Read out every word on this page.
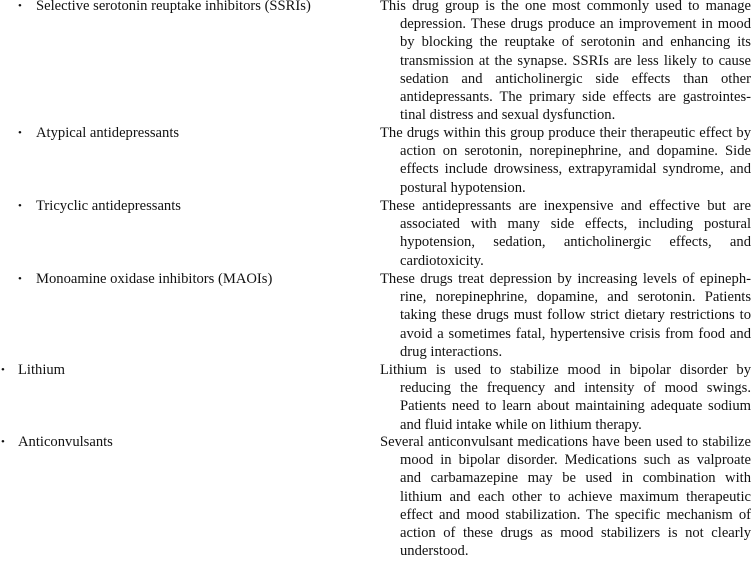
• Selective serotonin reuptake inhibitors (SSRIs)	This drug group is the one most commonly used to manage depression. These drugs produce an improvement in mood by blocking the reuptake of serotonin and enhancing its transmission at the synapse. SSRIs are less likely to cause sedation and anticholinergic side effects than other antidepressants. The primary side effects are gastrointestinal distress and sexual dysfunction.
• Atypical antidepressants	The drugs within this group produce their therapeutic effect by action on serotonin, norepinephrine, and dopamine. Side effects include drowsiness, extrapyramidal syndrome, and postural hypotension.
• Tricyclic antidepressants	These antidepressants are inexpensive and effective but are associated with many side effects, including postural hypotension, sedation, anticholinergic effects, and cardiotoxicity.
• Monoamine oxidase inhibitors (MAOIs)	These drugs treat depression by increasing levels of epinephrine, norepinephrine, dopamine, and serotonin. Patients taking these drugs must follow strict dietary restrictions to avoid a sometimes fatal, hypertensive crisis from food and drug interactions.
• Lithium	Lithium is used to stabilize mood in bipolar disorder by reducing the frequency and intensity of mood swings. Patients need to learn about maintaining adequate sodium and fluid intake while on lithium therapy.
• Anticonvulsants	Several anticonvulsant medications have been used to stabilize mood in bipolar disorder. Medications such as valproate and carbamazepine may be used in combination with lithium and each other to achieve maximum therapeutic effect and mood stabilization. The specific mechanism of action of these drugs as mood stabilizers is not clearly understood.
